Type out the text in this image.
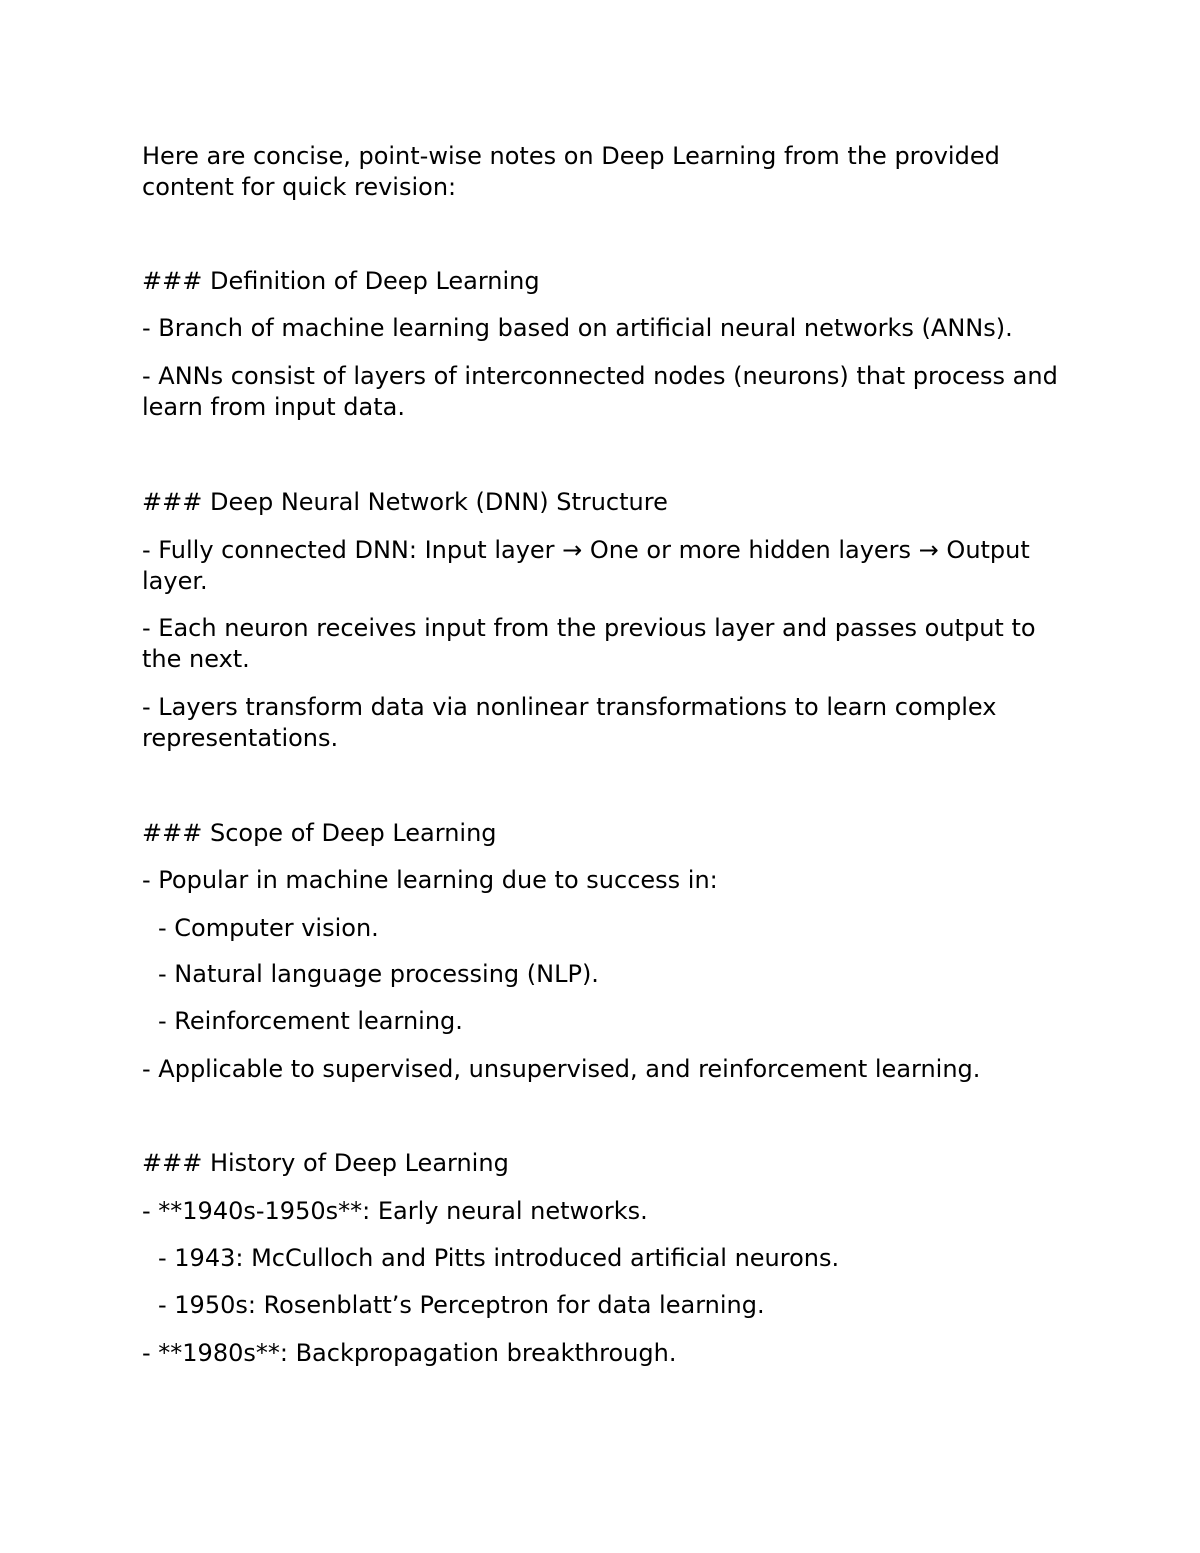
Here are concise, point-wise notes on Deep Learning from the provided

content for quick revision:

### Definition of Deep Learning

- Branch of machine learning based on artificial neural networks (ANNs).

- ANNs consist of layers of interconnected nodes (neurons) that process and

learn from input data.

### Deep Neural Network (DNN) Structure

- Fully connected DNN: Input layer → One or more hidden layers → Output

layer.

- Each neuron receives input from the previous layer and passes output to

the next.

- Layers transform data via nonlinear transformations to learn complex

representations.

### Scope of Deep Learning

- Popular in machine learning due to success in:

- Computer vision.

- Natural language processing (NLP).

- Reinforcement learning.

- Applicable to supervised, unsupervised, and reinforcement learning.

### History of Deep Learning

- **1940s-1950s**: Early neural networks.

- 1943: McCulloch and Pitts introduced artificial neurons.

- 1950s: Rosenblatt’s Perceptron for data learning.

- **1980s**: Backpropagation breakthrough.
